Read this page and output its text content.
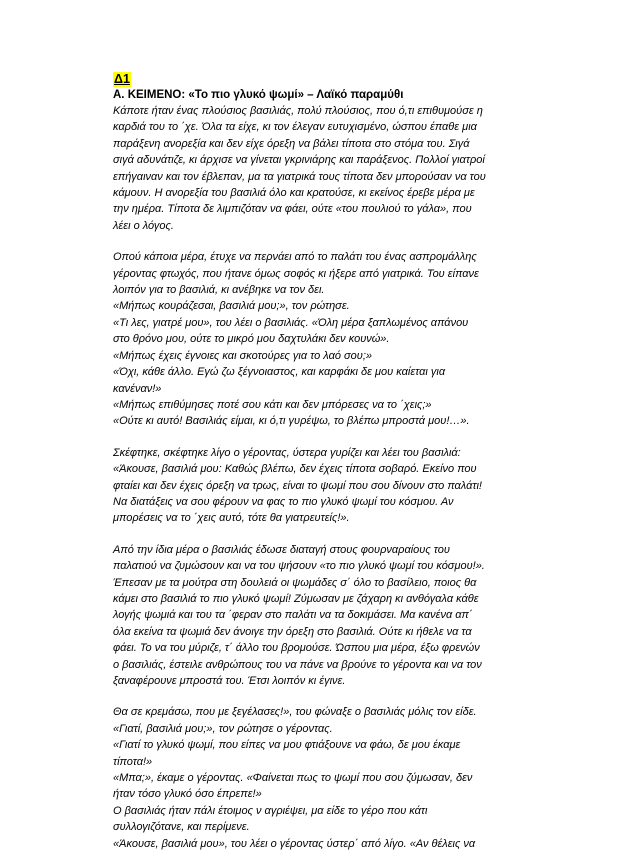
Δ1
Α. ΚΕΙΜΕΝΟ: «Το πιο γλυκό ψωμί» – Λαϊκό παραμύθι

Κάποτε ήταν ένας πλούσιος βασιλιάς, πολύ πλούσιος, που ό,τι επιθυμούσε η
καρδιά του το ΄χε. Όλα τα είχε, κι τον έλεγαν ευτυχισμένο, ώσπου έπαθε μια
παράξενη ανορεξία και δεν είχε όρεξη να βάλει τίποτα στο στόμα του. Σιγά
σιγά αδυνάτιζε, κι άρχισε να γίνεται γκρινιάρης και παράξενος. Πολλοί γιατροί
επήγαιναν και τον έβλεπαν, μα τα γιατρικά τους τίποτα δεν μπορούσαν να του
κάμουν. Η ανορεξία του βασιλιά όλο και κρατούσε, κι εκείνος έρεβε μέρα με
την ημέρα. Τίποτα δε λιμπιζόταν να φάει, ούτε «του πουλιού το γάλα», που
λέει ο λόγος.

Οπού κάποια μέρα, έτυχε να περνάει από το παλάτι του ένας ασπρομάλλης
γέροντας φτωχός, που ήτανε όμως σοφός κι ήξερε από γιατρικά. Του είπανε
λοιπόν για το βασιλιά, κι ανέβηκε να τον δει.
«Μήπως κουράζεσαι, βασιλιά μου;», τον ρώτησε.
«Τι λες, γιατρέ μου», του λέει ο βασιλιάς. «Όλη μέρα ξαπλωμένος απάνου
στο θρόνο μου, ούτε το μικρό μου δαχτυλάκι δεν κουνώ».
«Μήπως έχεις έγνοιες και σκοτούρες για το λαό σου;»
«Όχι, κάθε άλλο. Εγώ ζω ξέγνοιαστος, και καρφάκι δε μου καίεται για
κανέναν!»
«Μήπως επιθύμησες ποτέ σου κάτι και δεν μπόρεσες να το ΄χεις;»
«Ούτε κι αυτό! Βασιλιάς είμαι, κι ό,τι γυρέψω, το βλέπω μπροστά μου!…».

Σκέφτηκε, σκέφτηκε λίγο ο γέροντας, ύστερα γυρίζει και λέει του βασιλιά:
«Άκουσε, βασιλιά μου: Καθώς βλέπω, δεν έχεις τίποτα σοβαρό. Εκείνο που
φταίει και δεν έχεις όρεξη να τρως, είναι το ψωμί που σου δίνουν στο παλάτι!
Να διατάξεις να σου φέρουν να φας το πιο γλυκό ψωμί του κόσμου. Αν
μπορέσεις να το ΄χεις αυτό, τότε θα γιατρευτείς!».

Από την ίδια μέρα ο βασιλιάς έδωσε διαταγή στους φουρναραίους του
παλατιού να ζυμώσουν και να του ψήσουν «το πιο γλυκό ψωμί του κόσμου!».
Έπεσαν με τα μούτρα στη δουλειά οι ψωμάδες σ΄ όλο το βασίλειο, ποιος θα
κάμει στο βασιλιά το πιο γλυκό ψωμί! Ζύμωσαν με ζάχαρη κι ανθόγαλα κάθε
λογής ψωμιά και του τα ΄φεραν στο παλάτι να τα δοκιμάσει. Μα κανένα απ΄
όλα εκείνα τα ψωμιά δεν άνοιγε την όρεξη στο βασιλιά. Ούτε κι ήθελε να τα
φάει. Το να του μύριζε, τ΄ άλλο του βρομούσε. Ώσπου μια μέρα, έξω φρενών
ο βασιλιάς, έστειλε ανθρώπους του να πάνε να βρούνε το γέροντα και να τον
ξαναφέρουνε μπροστά του. Έτσι λοιπόν κι έγινε.

Θα σε κρεμάσω, που με ξεγέλασες!», του φώναξε ο βασιλιάς μόλις τον είδε.
«Γιατί, βασιλιά μου;», τον ρώτησε ο γέροντας.
«Γιατί το γλυκό ψωμί, που είπες να μου φτιάξουνε να φάω, δε μου έκαμε
τίποτα!»
«Μπα;», έκαμε ο γέροντας. «Φαίνεται πως το ψωμί που σου ζύμωσαν, δεν
ήταν τόσο γλυκό όσο έπρεπε!»
Ο βασιλιάς ήταν πάλι έτοιμος ν αγριέψει, μα είδε το γέρο που κάτι
συλλογιζότανε, και περίμενε.
«Άκουσε, βασιλιά μου», του λέει ο γέροντας ύστερ΄ από λίγο. «Αν θέλεις να
